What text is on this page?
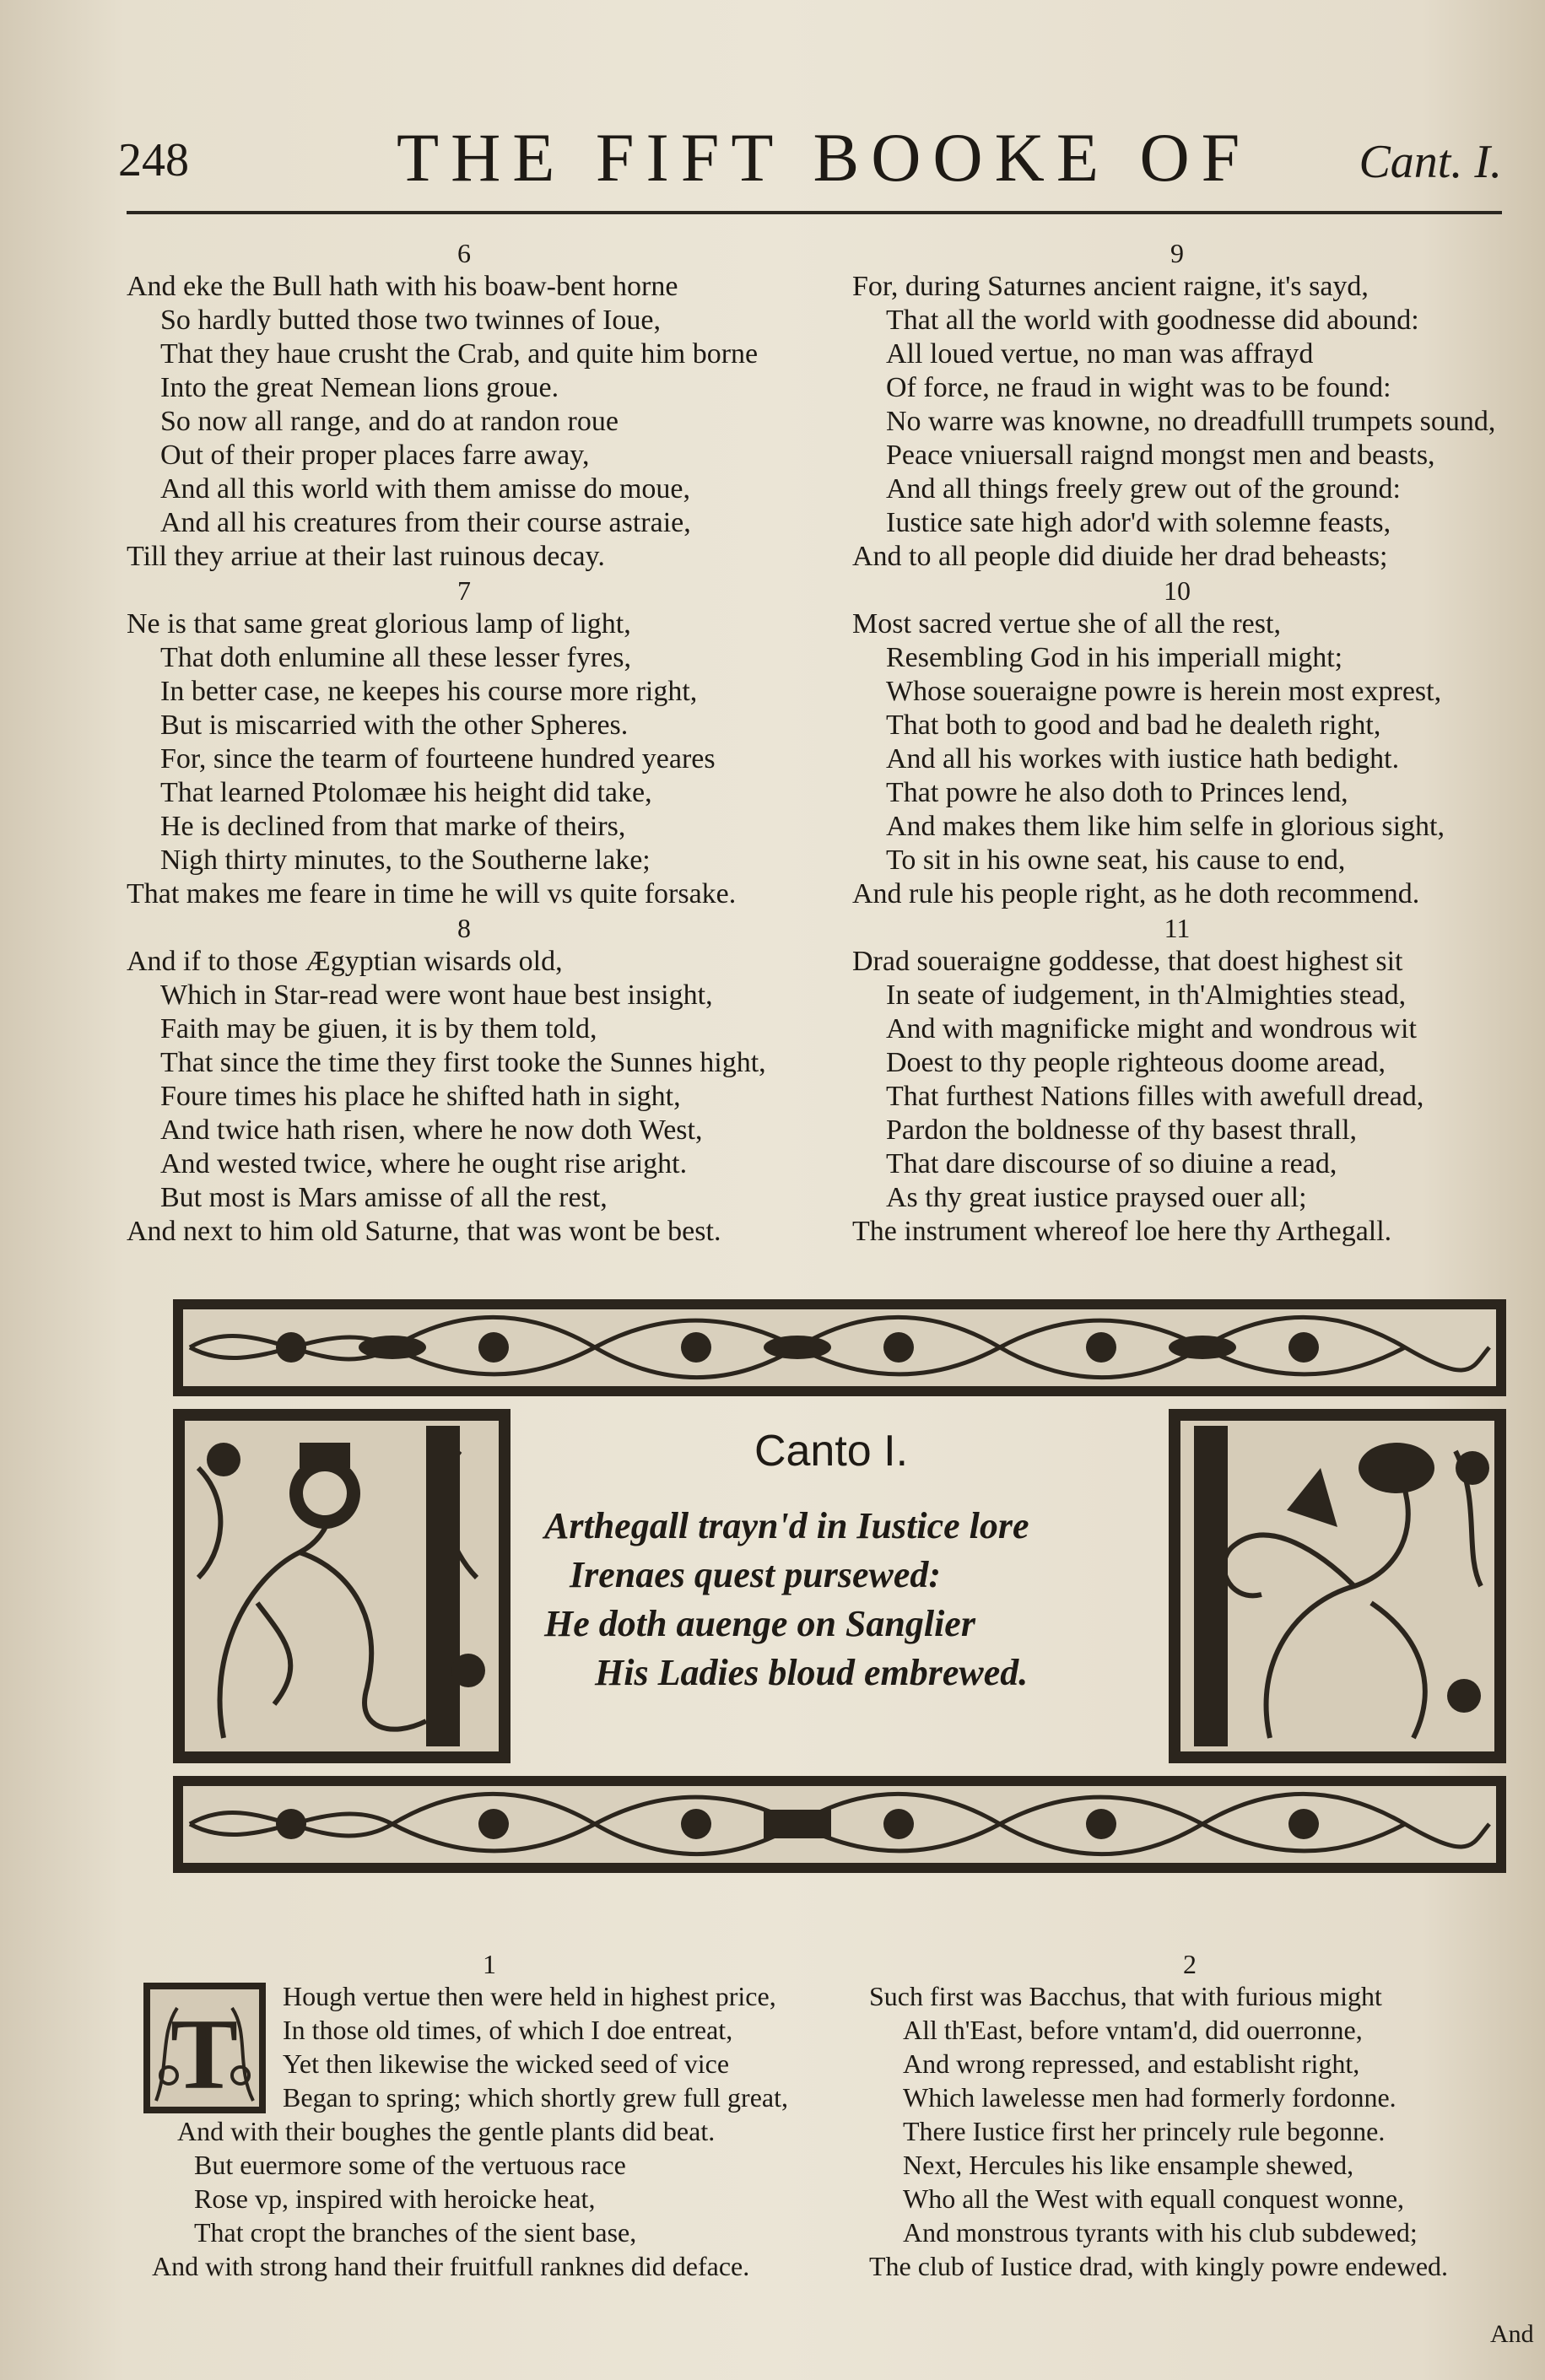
248	THE FIFT BOOKE OF Cant. I.
6
And eke the Bull hath with his boaw-bent horne
So hardly butted those two twinnes of Ioue,
That they haue crusht the Crab, and quite him borne
Into the great Nemean lions groue.
So now all range, and do at randon roue
Out of their proper places farre away,
And all this world with them amisse do moue,
And all his creatures from their course astraie,
Till they arriue at their last ruinous decay.
7
Ne is that same great glorious lamp of light,
That doth enlumine all these lesser fyres,
In better case, ne keepes his course more right,
But is miscarried with the other Spheres.
For, since the tearm of fourteene hundred yeares
That learned Ptolomæe his height did take,
He is declined from that marke of theirs,
Nigh thirty minutes, to the Southerne lake;
That makes me feare in time he will vs quite forsake.
8
And if to those Ægyptian wisards old,
Which in Star-read were wont haue best insight,
Faith may be giuen, it is by them told,
That since the time they first tooke the Sunnes hight,
Foure times his place he shifted hath in sight,
And twice hath risen, where he now doth West,
And wested twice, where he ought rise aright.
But most is Mars amisse of all the rest,
And next to him old Saturne, that was wont be best.
9
For, during Saturnes ancient raigne, it's sayd,
That all the world with goodnesse did abound:
All loued vertue, no man was affrayd
Of force, ne fraud in wight was to be found:
No warre was knowne, no dreadfulll trumpets sound,
Peace vniuersall raignd mongst men and beasts,
And all things freely grew out of the ground:
Iustice sate high ador'd with solemne feasts,
And to all people did diuide her drad beheasts;
10
Most sacred vertue she of all the rest,
Resembling God in his imperiall might;
Whose soueraigne powre is herein most exprest,
That both to good and bad he dealeth right,
And all his workes with iustice hath bedight.
That powre he also doth to Princes lend,
And makes them like him selfe in glorious sight,
To sit in his owne seat, his cause to end,
And rule his people right, as he doth recommend.
11
Drad soueraigne goddesse, that doest highest sit
In seate of iudgement, in th'Almighties stead,
And with magnificke might and wondrous wit
Doest to thy people righteous doome aread,
That furthest Nations filles with awefull dread,
Pardon the boldnesse of thy basest thrall,
That dare discourse of so diuine a read,
As thy great iustice praysed ouer all;
The instrument whereof loe here thy Arthegall.
Canto I.
Arthegall trayn'd in Iustice lore
Irenaes quest pursewed:
He doth auenge on Sanglier
His Ladies bloud embrewed.
1
T
Hough vertue then were held in highest price,
In those old times, of which I doe entreat,
Yet then likewise the wicked seed of vice
Began to spring; which shortly grew full great,
And with their boughes the gentle plants did beat.
But euermore some of the vertuous race
Rose vp, inspired with heroicke heat,
That cropt the branches of the sient base,
And with strong hand their fruitfull ranknes did deface.
2
Such first was Bacchus, that with furious might
All th'East, before vntam'd, did ouerronne,
And wrong repressed, and establisht right,
Which lawelesse men had formerly fordonne.
There Iustice first her princely rule begonne.
Next, Hercules his like ensample shewed,
Who all the West with equall conquest wonne,
And monstrous tyrants with his club subdewed;
The club of Iustice drad, with kingly powre endewed.
And
